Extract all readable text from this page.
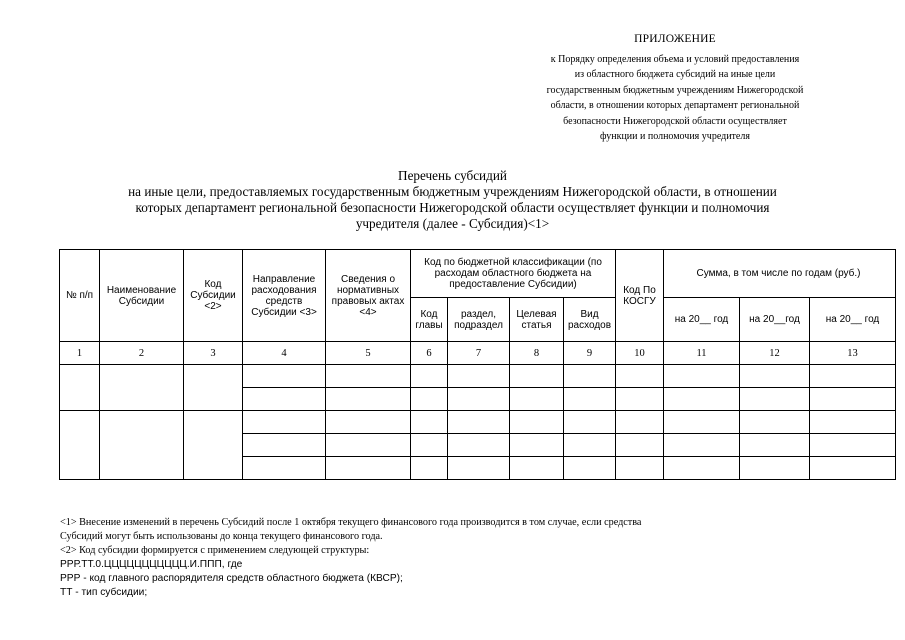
ПРИЛОЖЕНИЕ
к Порядку определения объема и условий предоставления
из областного бюджета субсидий на иные цели
государственным бюджетным учреждениям Нижегородской
области, в отношении которых департамент региональной
безопасности Нижегородской области осуществляет
функции и полномочия учредителя
Перечень субсидий
на иные цели, предоставляемых государственным бюджетным учреждениям Нижегородской области, в отношении
которых департамент региональной безопасности Нижегородской области осуществляет функции и полномочия
учредителя (далее - Субсидия)<1>
№ п/п	Наименование Субсидии	Код Субсидии <2>	Направление расходования средств Субсидии <3>	Сведения о нормативных правовых актах <4>	Код по бюджетной классификации (по расходам областного бюджета на предоставление Субсидии)				Код По КОСГУ	Сумма, в том числе по годам (руб.)		
					Код главы	раздел, подраздел	Целевая статья	Вид расходов		на 20__ год	на 20__год	на 20__ год
1	2	3	4	5	6	7	8	9	10	11	12	13

<1> Внесение изменений в перечень Субсидий после 1 октября текущего финансового года производится в том случае, если средства
Субсидий могут быть использованы до конца текущего финансового года.
<2> Код субсидии формируется с применением следующей структуры:
РРР.ТТ.0.ЦЦЦЦЦЦЦЦЦЦЦ.И.ППП, где
РРР - код главного распорядителя средств областного бюджета (КВСР);
ТТ - тип субсидии;
